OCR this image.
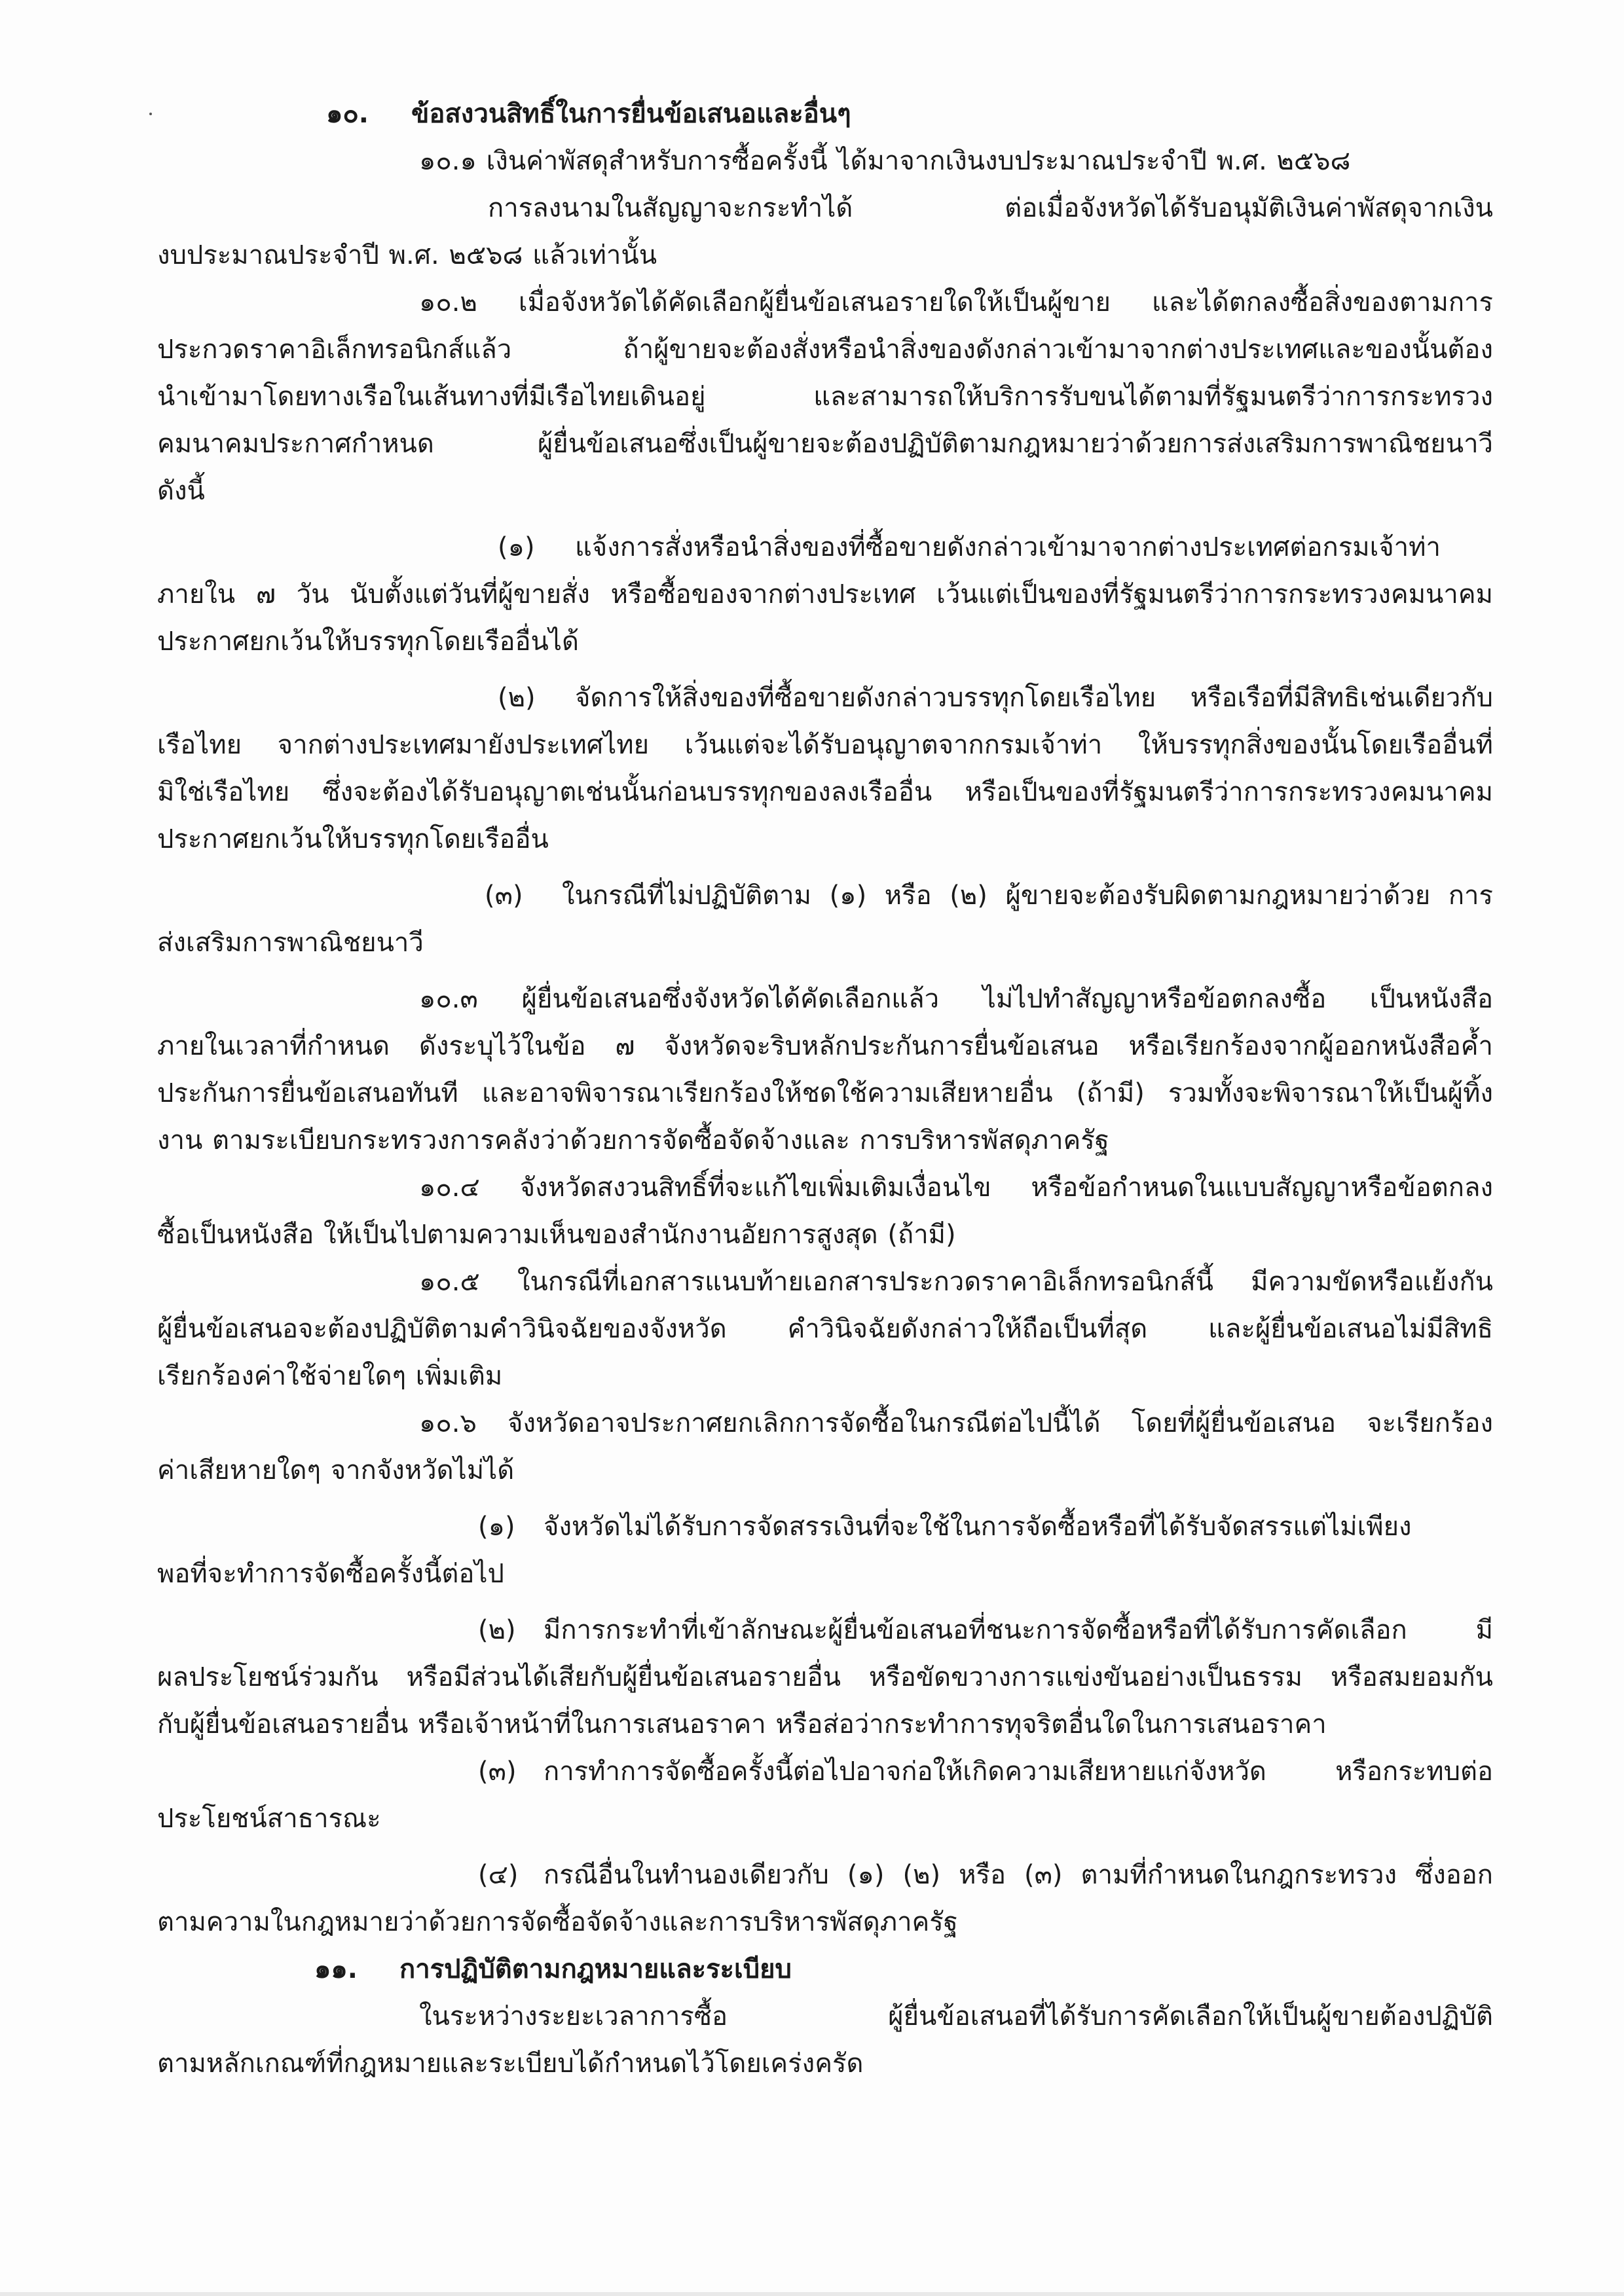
๑๐. ข้อสงวนสิทธิ์ในการยื่นข้อเสนอและอื่นๆ
๑๐.๑ เงินค่าพัสดุสำหรับการซื้อครั้งนี้ ได้มาจากเงินงบประมาณประจำปี พ.ศ. ๒๕๖๘
การลงนามในสัญญาจะกระทำได้ ต่อเมื่อจังหวัดได้รับอนุมัติเงินค่าพัสดุจากเงิน
งบประมาณประจำปี พ.ศ. ๒๕๖๘ แล้วเท่านั้น
๑๐.๒ เมื่อจังหวัดได้คัดเลือกผู้ยื่นข้อเสนอรายใดให้เป็นผู้ขาย และได้ตกลงซื้อสิ่งของตามการ
ประกวดราคาอิเล็กทรอนิกส์แล้ว ถ้าผู้ขายจะต้องสั่งหรือนำสิ่งของดังกล่าวเข้ามาจากต่างประเทศและของนั้นต้อง
นำเข้ามาโดยทางเรือในเส้นทางที่มีเรือไทยเดินอยู่ และสามารถให้บริการรับขนได้ตามที่รัฐมนตรีว่าการกระทรวง
คมนาคมประกาศกำหนด ผู้ยื่นข้อเสนอซึ่งเป็นผู้ขายจะต้องปฏิบัติตามกฎหมายว่าด้วยการส่งเสริมการพาณิชยนาวี
ดังนี้
(๑) แจ้งการสั่งหรือนำสิ่งของที่ซื้อขายดังกล่าวเข้ามาจากต่างประเทศต่อกรมเจ้าท่า
ภายใน ๗ วัน นับตั้งแต่วันที่ผู้ขายสั่ง หรือซื้อของจากต่างประเทศ เว้นแต่เป็นของที่รัฐมนตรีว่าการกระทรวงคมนาคม
ประกาศยกเว้นให้บรรทุกโดยเรืออื่นได้
(๒) จัดการให้สิ่งของที่ซื้อขายดังกล่าวบรรทุกโดยเรือไทย หรือเรือที่มีสิทธิเช่นเดียวกับ
เรือไทย จากต่างประเทศมายังประเทศไทย เว้นแต่จะได้รับอนุญาตจากกรมเจ้าท่า ให้บรรทุกสิ่งของนั้นโดยเรืออื่นที่
มิใช่เรือไทย ซึ่งจะต้องได้รับอนุญาตเช่นนั้นก่อนบรรทุกของลงเรืออื่น หรือเป็นของที่รัฐมนตรีว่าการกระทรวงคมนาคม
ประกาศยกเว้นให้บรรทุกโดยเรืออื่น
(๓) ในกรณีที่ไม่ปฏิบัติตาม (๑) หรือ (๒) ผู้ขายจะต้องรับผิดตามกฎหมายว่าด้วย การ
ส่งเสริมการพาณิชยนาวี
๑๐.๓ ผู้ยื่นข้อเสนอซึ่งจังหวัดได้คัดเลือกแล้ว ไม่ไปทำสัญญาหรือข้อตกลงซื้อ เป็นหนังสือ
ภายในเวลาที่กำหนด ดังระบุไว้ในข้อ ๗ จังหวัดจะริบหลักประกันการยื่นข้อเสนอ หรือเรียกร้องจากผู้ออกหนังสือค้ำ
ประกันการยื่นข้อเสนอทันที และอาจพิจารณาเรียกร้องให้ชดใช้ความเสียหายอื่น (ถ้ามี) รวมทั้งจะพิจารณาให้เป็นผู้ทิ้ง
งาน ตามระเบียบกระทรวงการคลังว่าด้วยการจัดซื้อจัดจ้างและ การบริหารพัสดุภาครัฐ
๑๐.๔ จังหวัดสงวนสิทธิ์ที่จะแก้ไขเพิ่มเติมเงื่อนไข หรือข้อกำหนดในแบบสัญญาหรือข้อตกลง
ซื้อเป็นหนังสือ ให้เป็นไปตามความเห็นของสำนักงานอัยการสูงสุด (ถ้ามี)
๑๐.๕ ในกรณีที่เอกสารแนบท้ายเอกสารประกวดราคาอิเล็กทรอนิกส์นี้ มีความขัดหรือแย้งกัน
ผู้ยื่นข้อเสนอจะต้องปฏิบัติตามคำวินิจฉัยของจังหวัด คำวินิจฉัยดังกล่าวให้ถือเป็นที่สุด และผู้ยื่นข้อเสนอไม่มีสิทธิ
เรียกร้องค่าใช้จ่ายใดๆ เพิ่มเติม
๑๐.๖ จังหวัดอาจประกาศยกเลิกการจัดซื้อในกรณีต่อไปนี้ได้ โดยที่ผู้ยื่นข้อเสนอ จะเรียกร้อง
ค่าเสียหายใดๆ จากจังหวัดไม่ได้
(๑) จังหวัดไม่ได้รับการจัดสรรเงินที่จะใช้ในการจัดซื้อหรือที่ได้รับจัดสรรแต่ไม่เพียง
พอที่จะทำการจัดซื้อครั้งนี้ต่อไป
(๒) มีการกระทำที่เข้าลักษณะผู้ยื่นข้อเสนอที่ชนะการจัดซื้อหรือที่ได้รับการคัดเลือก มี
ผลประโยชน์ร่วมกัน หรือมีส่วนได้เสียกับผู้ยื่นข้อเสนอรายอื่น หรือขัดขวางการแข่งขันอย่างเป็นธรรม หรือสมยอมกัน
กับผู้ยื่นข้อเสนอรายอื่น หรือเจ้าหน้าที่ในการเสนอราคา หรือส่อว่ากระทำการทุจริตอื่นใดในการเสนอราคา
(๓) การทำการจัดซื้อครั้งนี้ต่อไปอาจก่อให้เกิดความเสียหายแก่จังหวัด หรือกระทบต่อ
ประโยชน์สาธารณะ
(๔) กรณีอื่นในทำนองเดียวกับ (๑) (๒) หรือ (๓) ตามที่กำหนดในกฎกระทรวง ซึ่งออก
ตามความในกฎหมายว่าด้วยการจัดซื้อจัดจ้างและการบริหารพัสดุภาครัฐ
๑๑. การปฏิบัติตามกฎหมายและระเบียบ
ในระหว่างระยะเวลาการซื้อ ผู้ยื่นข้อเสนอที่ได้รับการคัดเลือกให้เป็นผู้ขายต้องปฏิบัติ
ตามหลักเกณฑ์ที่กฎหมายและระเบียบได้กำหนดไว้โดยเคร่งครัด
